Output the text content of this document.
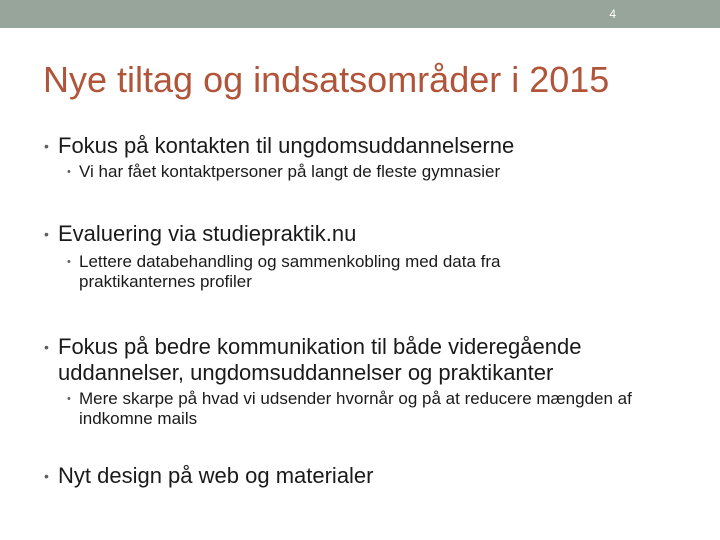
4
Nye tiltag og indsatsområder i 2015
• Fokus på kontakten til ungdomsuddannelserne
• Vi har fået kontaktpersoner på langt de fleste gymnasier
• Evaluering via studiepraktik.nu
• Lettere databehandling og sammenkobling med data fra praktikanternes profiler
• Fokus på bedre kommunikation til både videregående uddannelser, ungdomsuddannelser og praktikanter
• Mere skarpe på hvad vi udsender hvornår og på at reducere mængden af indkomne mails
• Nyt design på web og materialer
